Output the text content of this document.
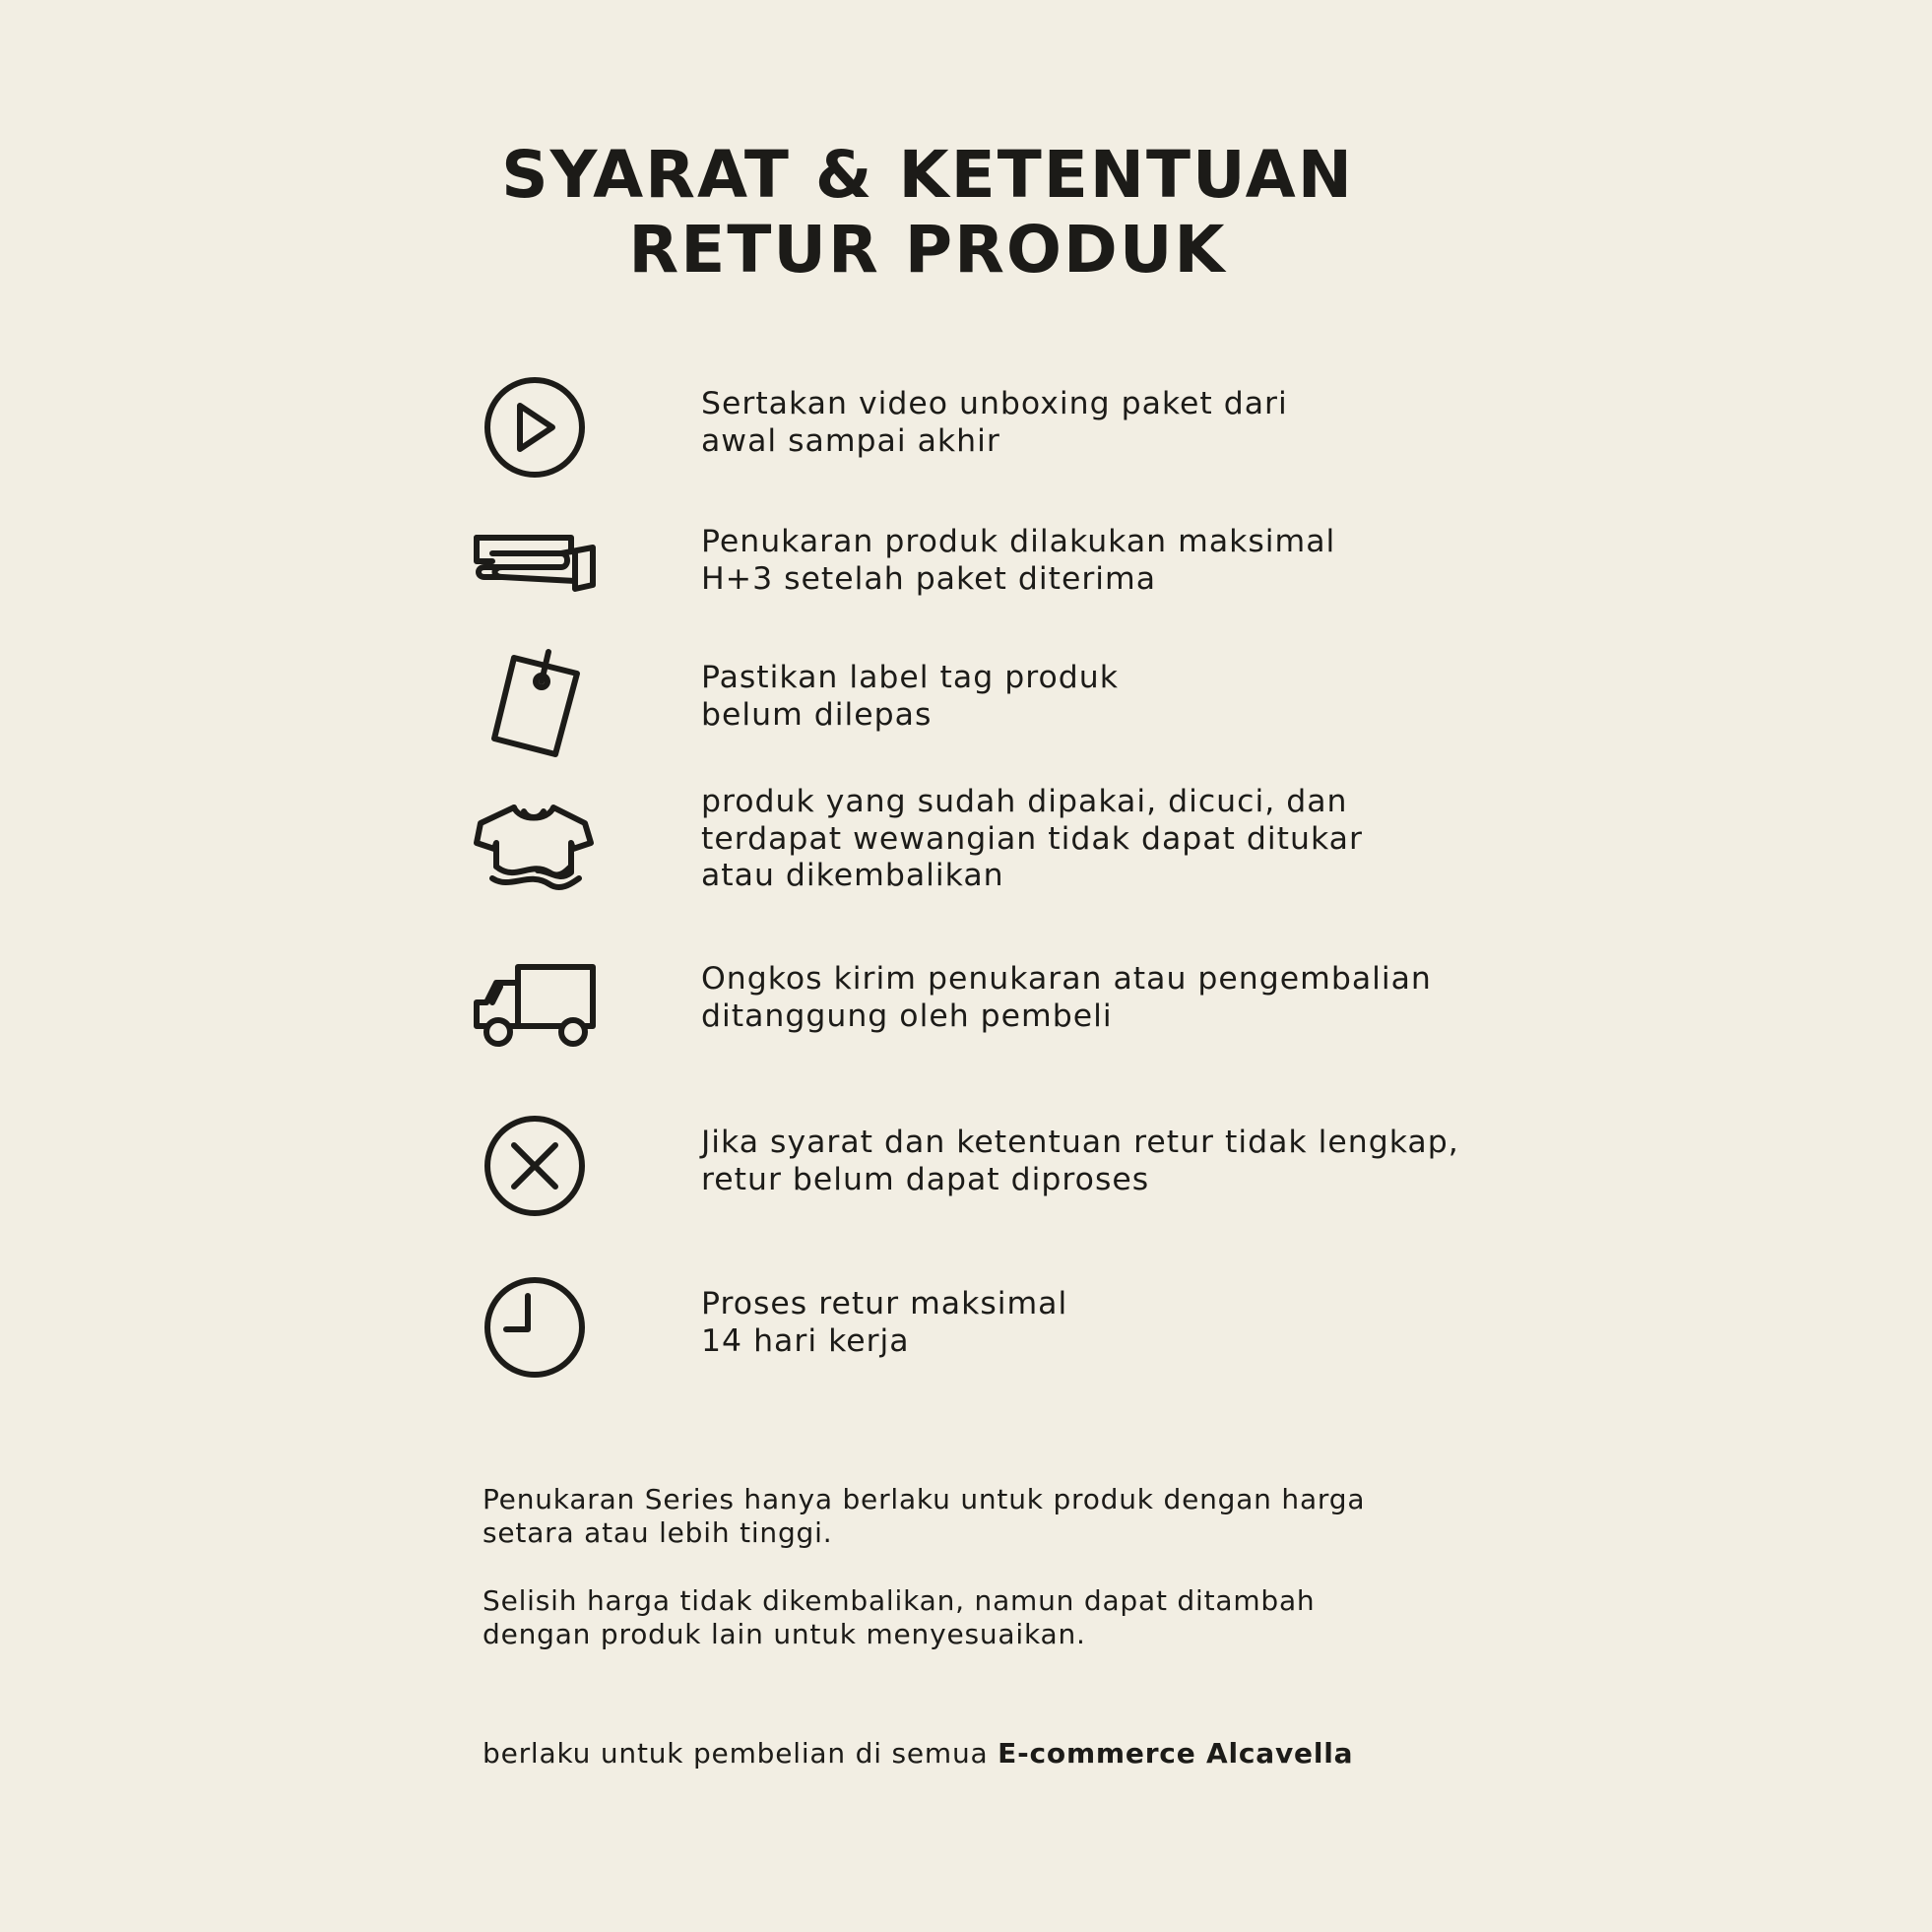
SYARAT & KETENTUAN
RETUR PRODUK
Sertakan video unboxing paket dari
awal sampai akhir
Penukaran produk dilakukan maksimal
H+3 setelah paket diterima
Pastikan label tag produk
belum dilepas
produk yang sudah dipakai, dicuci, dan
terdapat wewangian tidak dapat ditukar
atau dikembalikan
Ongkos kirim penukaran atau pengembalian
ditanggung oleh pembeli
Jika syarat dan ketentuan retur tidak lengkap,
retur belum dapat diproses
Proses retur maksimal
14 hari kerja
Penukaran Series hanya berlaku untuk produk dengan harga
setara atau lebih tinggi.
Selisih harga tidak dikembalikan, namun dapat ditambah
dengan produk lain untuk menyesuaikan.
berlaku untuk pembelian di semua E-commerce Alcavella
